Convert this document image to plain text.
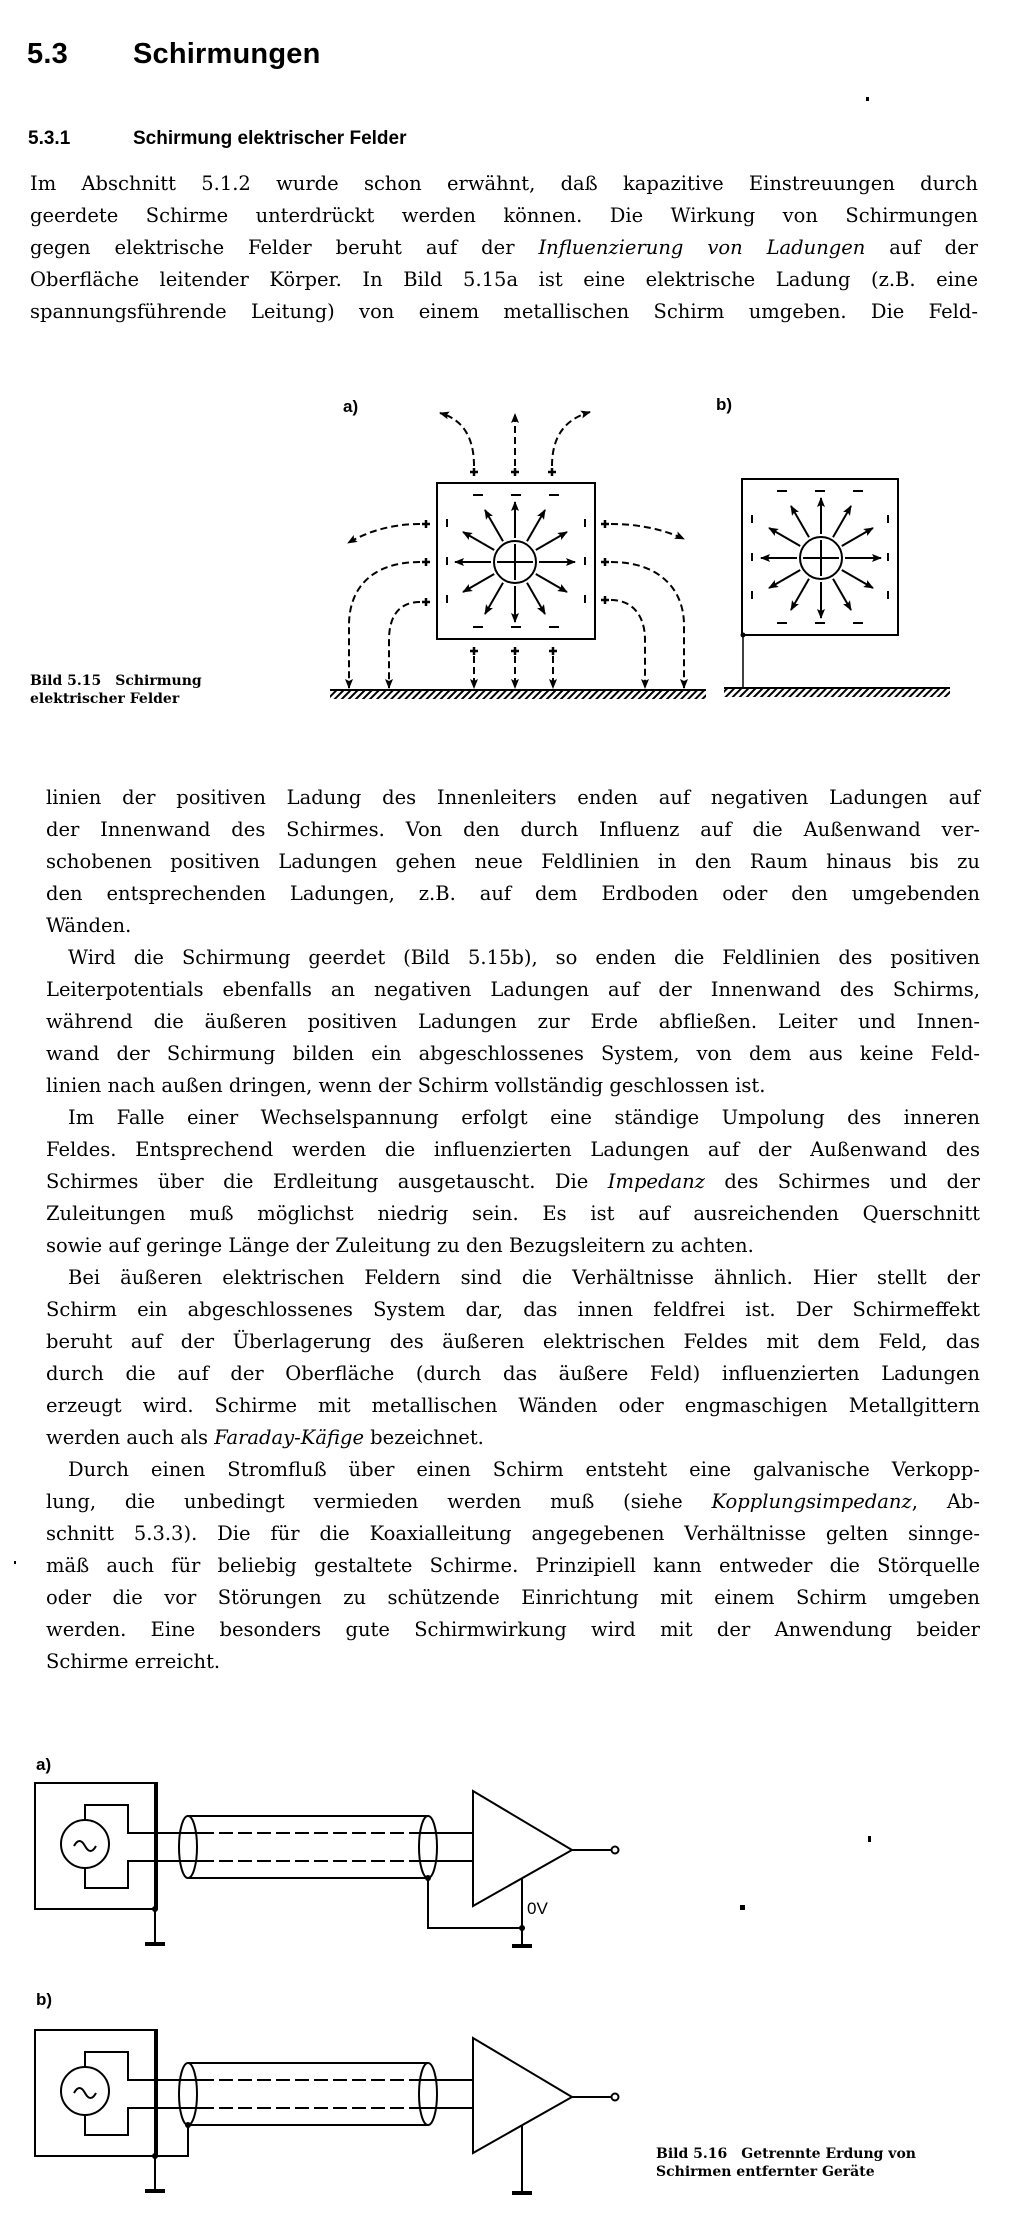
5.3 Schirmungen
5.3.1	Schirmung elektrischer Felder
Im Abschnitt 5.1.2 wurde schon erwähnt, daß kapazitive Einstreuungen durch
geerdete Schirme unterdrückt werden können. Die Wirkung von Schirmungen
gegen elektrische Felder beruht auf der Influenzierung von Ladungen auf der
Oberfläche leitender Körper. In Bild 5.15a ist eine elektrische Ladung (z.B. eine
spannungsführende Leitung) von einem metallischen Schirm umgeben. Die Feld-
a)	b)
Bild 5.15 Schirmung
elektrischer Felder
linien der positiven Ladung des Innenleiters enden auf negativen Ladungen auf
der Innenwand des Schirmes. Von den durch Influenz auf die Außenwand ver-
schobenen positiven Ladungen gehen neue Feldlinien in den Raum hinaus bis zu
den entsprechenden Ladungen, z.B. auf dem Erdboden oder den umgebenden
Wänden.
Wird die Schirmung geerdet (Bild 5.15b), so enden die Feldlinien des positiven
Leiterpotentials ebenfalls an negativen Ladungen auf der Innenwand des Schirms,
während die äußeren positiven Ladungen zur Erde abfließen. Leiter und Innen-
wand der Schirmung bilden ein abgeschlossenes System, von dem aus keine Feld-
linien nach außen dringen, wenn der Schirm vollständig geschlossen ist.
Im Falle einer Wechselspannung erfolgt eine ständige Umpolung des inneren
Feldes. Entsprechend werden die influenzierten Ladungen auf der Außenwand des
Schirmes über die Erdleitung ausgetauscht. Die Impedanz des Schirmes und der
Zuleitungen muß möglichst niedrig sein. Es ist auf ausreichenden Querschnitt
sowie auf geringe Länge der Zuleitung zu den Bezugsleitern zu achten.
Bei äußeren elektrischen Feldern sind die Verhältnisse ähnlich. Hier stellt der
Schirm ein abgeschlossenes System dar, das innen feldfrei ist. Der Schirmeffekt
beruht auf der Überlagerung des äußeren elektrischen Feldes mit dem Feld, das
durch die auf der Oberfläche (durch das äußere Feld) influenzierten Ladungen
erzeugt wird. Schirme mit metallischen Wänden oder engmaschigen Metallgittern
werden auch als Faraday-Käfige bezeichnet.
Durch einen Stromfluß über einen Schirm entsteht eine galvanische Verkopp-
lung, die unbedingt vermieden werden muß (siehe Kopplungsimpedanz, Ab-
schnitt 5.3.3). Die für die Koaxialleitung angegebenen Verhältnisse gelten sinnge-
mäß auch für beliebig gestaltete Schirme. Prinzipiell kann entweder die Störquelle
oder die vor Störungen zu schützende Einrichtung mit einem Schirm umgeben
werden. Eine besonders gute Schirmwirkung wird mit der Anwendung beider
Schirme erreicht.
a)
b)
0V
Bild 5.16 Getrennte Erdung von
Schirmen entfernter Geräte
